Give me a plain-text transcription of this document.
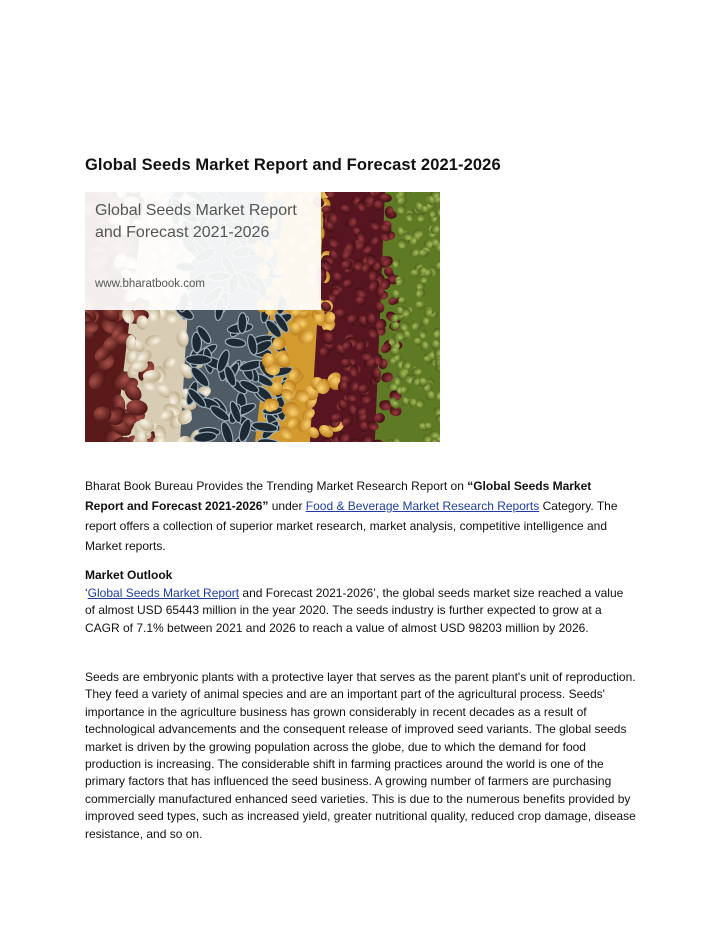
Global Seeds Market Report and Forecast 2021-2026
Global Seeds Market Report
and Forecast 2021-2026
www.bharatbook.com
Bharat Book Bureau Provides the Trending Market Research Report on “Global Seeds Market Report and Forecast 2021-2026” under Food & Beverage Market Research Reports Category. The report offers a collection of superior market research, market analysis, competitive intelligence and Market reports.
Market Outlook
‘Global Seeds Market Report and Forecast 2021-2026’, the global seeds market size reached a value of almost USD 65443 million in the year 2020. The seeds industry is further expected to grow at a CAGR of 7.1% between 2021 and 2026 to reach a value of almost USD 98203 million by 2026.
Seeds are embryonic plants with a protective layer that serves as the parent plant's unit of reproduction. They feed a variety of animal species and are an important part of the agricultural process. Seeds' importance in the agriculture business has grown considerably in recent decades as a result of technological advancements and the consequent release of improved seed variants. The global seeds market is driven by the growing population across the globe, due to which the demand for food production is increasing. The considerable shift in farming practices around the world is one of the primary factors that has influenced the seed business. A growing number of farmers are purchasing commercially manufactured enhanced seed varieties. This is due to the numerous benefits provided by improved seed types, such as increased yield, greater nutritional quality, reduced crop damage, disease resistance, and so on.
